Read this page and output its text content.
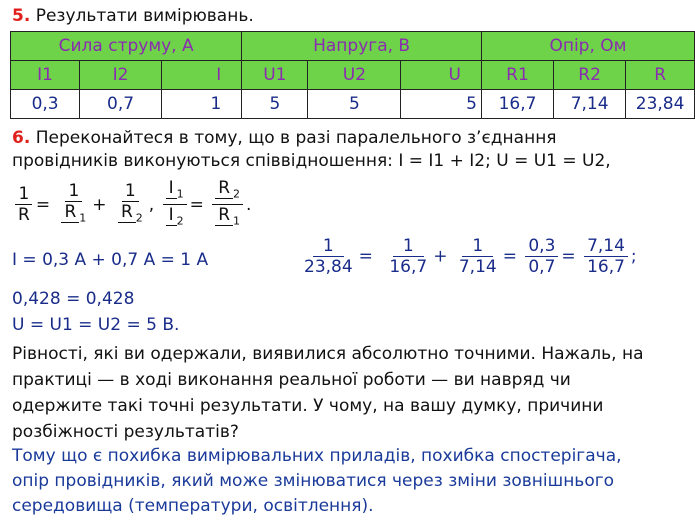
5. Результати вимірювань.
Сила струму, А			Напруга, В			Опір, Ом		
I1	I2	I	U1	U2	U	R1	R2	R
0,3	0,7	1	5	5	5	16,7	7,14	23,84
6. Переконайтеся в тому, що в разі паралельного з’єднання
провідників виконуються співвідношення: I = I1 + I2; U = U1 = U2,
$\frac{1}{R} = \frac{1}{R _1} + \frac{1}{R _2}$ , $\frac{I _1}{I _2} = \frac{R _2}{R _1}$ .
I = 0,3 А + 0,7 А = 1 А	$\frac{1}{23,84} = \frac{1}{16,7} + \frac{1}{7,14} = \frac{0,3}{0,7} = \frac{7,14}{16,7}$ ;
0,428 = 0,428
U = U1 = U2 = 5 В.
Рівності, які ви одержали, виявилися абсолютно точними. Нажаль, на
практиці — в ході виконання реальної роботи — ви навряд чи
одержите такі точні результати. У чому, на вашу думку, причини
розбіжності результатів?
Тому що є похибка вимірювальних приладів, похибка спостерігача,
опір провідників, який може змінюватися через зміни зовнішнього
середовища (температури, освітлення).
